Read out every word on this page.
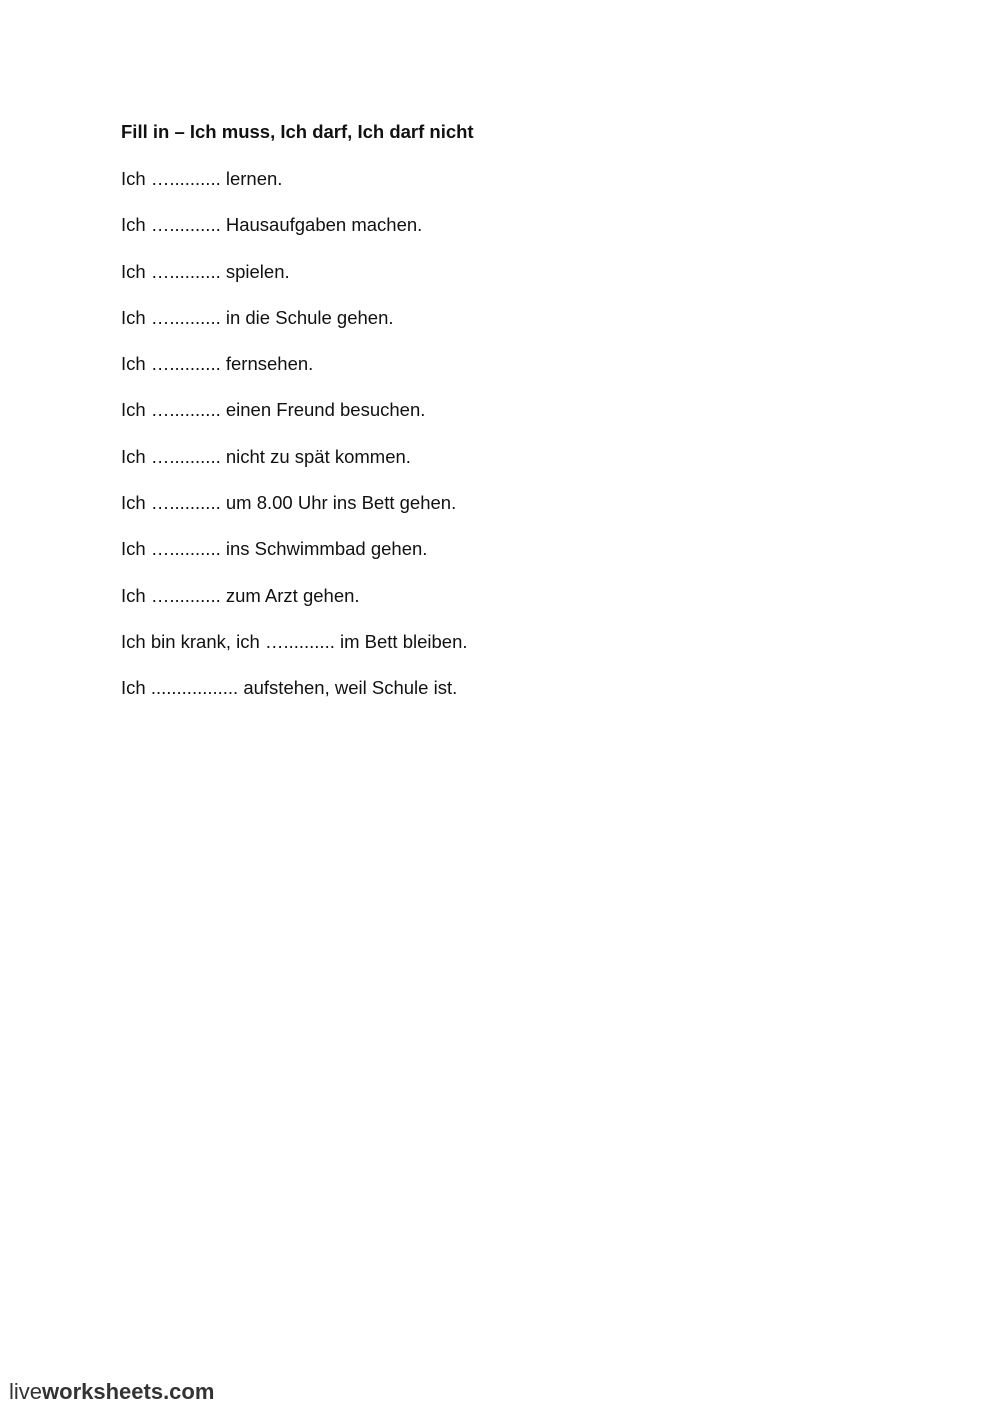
Fill in – Ich muss, Ich darf, Ich darf nicht
Ich ….......... lernen.
Ich ….......... Hausaufgaben machen.
Ich ….......... spielen.
Ich ….......... in die Schule gehen.
Ich ….......... fernsehen.
Ich ….......... einen Freund besuchen.
Ich ….......... nicht zu spät kommen.
Ich ….......... um 8.00 Uhr ins Bett gehen.
Ich ….......... ins Schwimmbad gehen.
Ich ….......... zum Arzt gehen.
Ich bin krank, ich ….......... im Bett bleiben.
Ich ................. aufstehen, weil Schule ist.
liveworksheets.com
